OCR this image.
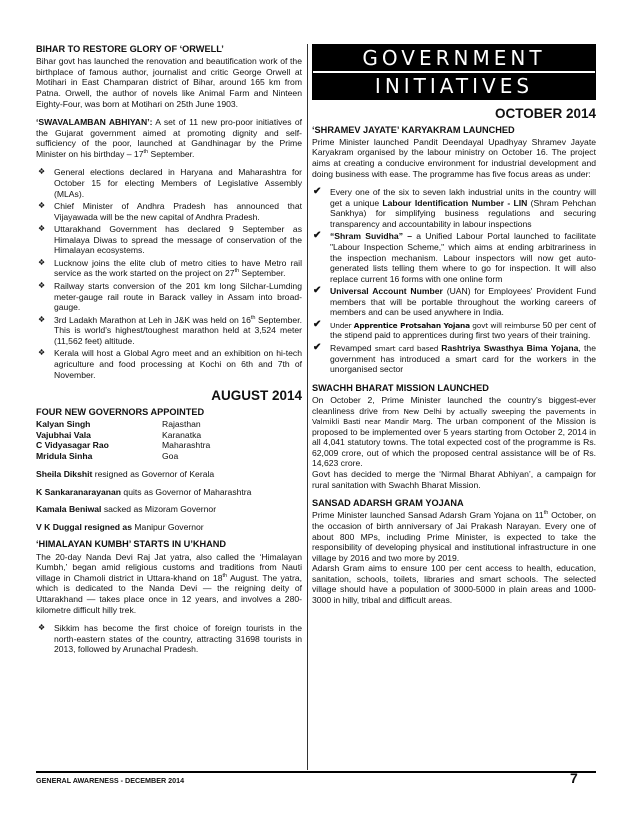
BIHAR TO RESTORE GLORY OF ‘ORWELL’
Bihar govt has launched the renovation and beautification work of the birthplace of famous author, journalist and critic George Orwell at Motihari in East Champaran district of Bihar, around 165 km from Patna. Orwell, the author of novels like Animal Farm and Ninteen Eighty-Four, was born at Motihari on 25th June 1903.
‘SWAVALAMBAN ABHIYAN’: A set of 11 new pro-poor initiatives of the Gujarat government aimed at promoting dignity and self-sufficiency of the poor, launched at Gandhinagar by the Prime Minister on his birthday – 17th September.
❖ General elections declared in Haryana and Maharashtra for October 15 for electing Members of Legislative Assembly (MLAs).
❖ Chief Minister of Andhra Pradesh has announced that Vijayawada will be the new capital of Andhra Pradesh.
❖ Uttarakhand Government has declared 9 September as Himalaya Diwas to spread the message of conservation of the Himalayan ecosystems.
❖ Lucknow joins the elite club of metro cities to have Metro rail service as the work started on the project on 27th September.
❖ Railway starts conversion of the 201 km long Silchar-Lumding meter-gauge rail route in Barack valley in Assam into broad-gauge.
❖ 3rd Ladakh Marathon at Leh in J&K was held on 16th September. This is world’s highest/toughest marathon held at 3,524 meter (11,562 feet) altitude.
❖ Kerala will host a Global Agro meet and an exhibition on hi-tech agriculture and food processing at Kochi on 6th and 7th of November.
AUGUST 2014
FOUR NEW GOVERNORS APPOINTED
Kalyan Singh	Rajasthan
Vajubhai Vala	Karanatka
C Vidyasagar Rao	Maharashtra
Mridula Sinha	Goa
Sheila Dikshit resigned as Governor of Kerala
K Sankaranarayanan quits as Governor of Maharashtra
Kamala Beniwal sacked as Mizoram Governor
V K Duggal resigned as Manipur Governor
‘HIMALAYAN KUMBH’ STARTS IN U’KHAND
The 20-day Nanda Devi Raj Jat yatra, also called the ‘Himalayan Kumbh,’ began amid religious customs and traditions from Nauti village in Chamoli district in Uttara-khand on 18th August. The yatra, which is dedicated to the Nanda Devi — the reigning deity of Uttarakhand — takes place once in 12 years, and involves a 280-kilometre difficult hilly trek.
❖ Sikkim has become the first choice of foreign tourists in the north-eastern states of the country, attracting 31698 tourists in 2013, followed by Arunachal Pradesh.
GOVERNMENT
INITIATIVES
OCTOBER 2014
‘SHRAMEV JAYATE’ KARYAKRAM LAUNCHED
Prime Minister launched Pandit Deendayal Upadhyay Shramev Jayate Karyakram organised by the labour ministry on October 16. The project aims at creating a conducive environment for industrial development and doing business with ease. The programme has five focus areas as under:
✔ Every one of the six to seven lakh industrial units in the country will get a unique Labour Identification Number - LIN (Shram Pehchan Sankhya) for simplifying business regulations and securing transparency and accountability in labour inspections
✔ “Shram Suvidha” – a Unified Labour Portal launched to facilitate "Labour Inspection Scheme," which aims at ending arbitrariness in the inspection mechanism. Labour inspectors will now get auto-generated lists telling them where to go for inspection. It will also replace current 16 forms with one online form
✔ Universal Account Number (UAN) for Employees' Provident Fund members that will be portable throughout the working careers of members and can be used anywhere in India.
✔ Under Apprentice Protsahan Yojana govt will reimburse 50 per cent of the stipend paid to apprentices during first two years of their training.
✔ Revamped smart card based Rashtriya Swasthya Bima Yojana, the government has introduced a smart card for the workers in the unorganised sector
SWACHH BHARAT MISSION LAUNCHED
On October 2, Prime Minister launched the country’s biggest-ever cleanliness drive from New Delhi by actually sweeping the pavements in Valmikli Basti near Mandir Marg. The urban component of the Mission is proposed to be implemented over 5 years starting from October 2, 2014 in all 4,041 statutory towns. The total expected cost of the programme is Rs. 62,009 crore, out of which the proposed central assistance will be of Rs. 14,623 crore.
Govt has decided to merge the ‘Nirmal Bharat Abhiyan’, a campaign for rural sanitation with Swachh Bharat Mission.
SANSAD ADARSH GRAM YOJANA
Prime Minister launched Sansad Adarsh Gram Yojana on 11th October, on the occasion of birth anniversary of Jai Prakash Narayan. Every one of about 800 MPs, including Prime Minister, is expected to take the responsibility of developing physical and institutional infrastructure in one village by 2016 and two more by 2019.
Adarsh Gram aims to ensure 100 per cent access to health, education, sanitation, schools, toilets, libraries and smart schools. The selected village should have a population of 3000-5000 in plain areas and 1000-3000 in hilly, tribal and difficult areas.
GENERAL AWARENESS - DECEMBER 2014	7
